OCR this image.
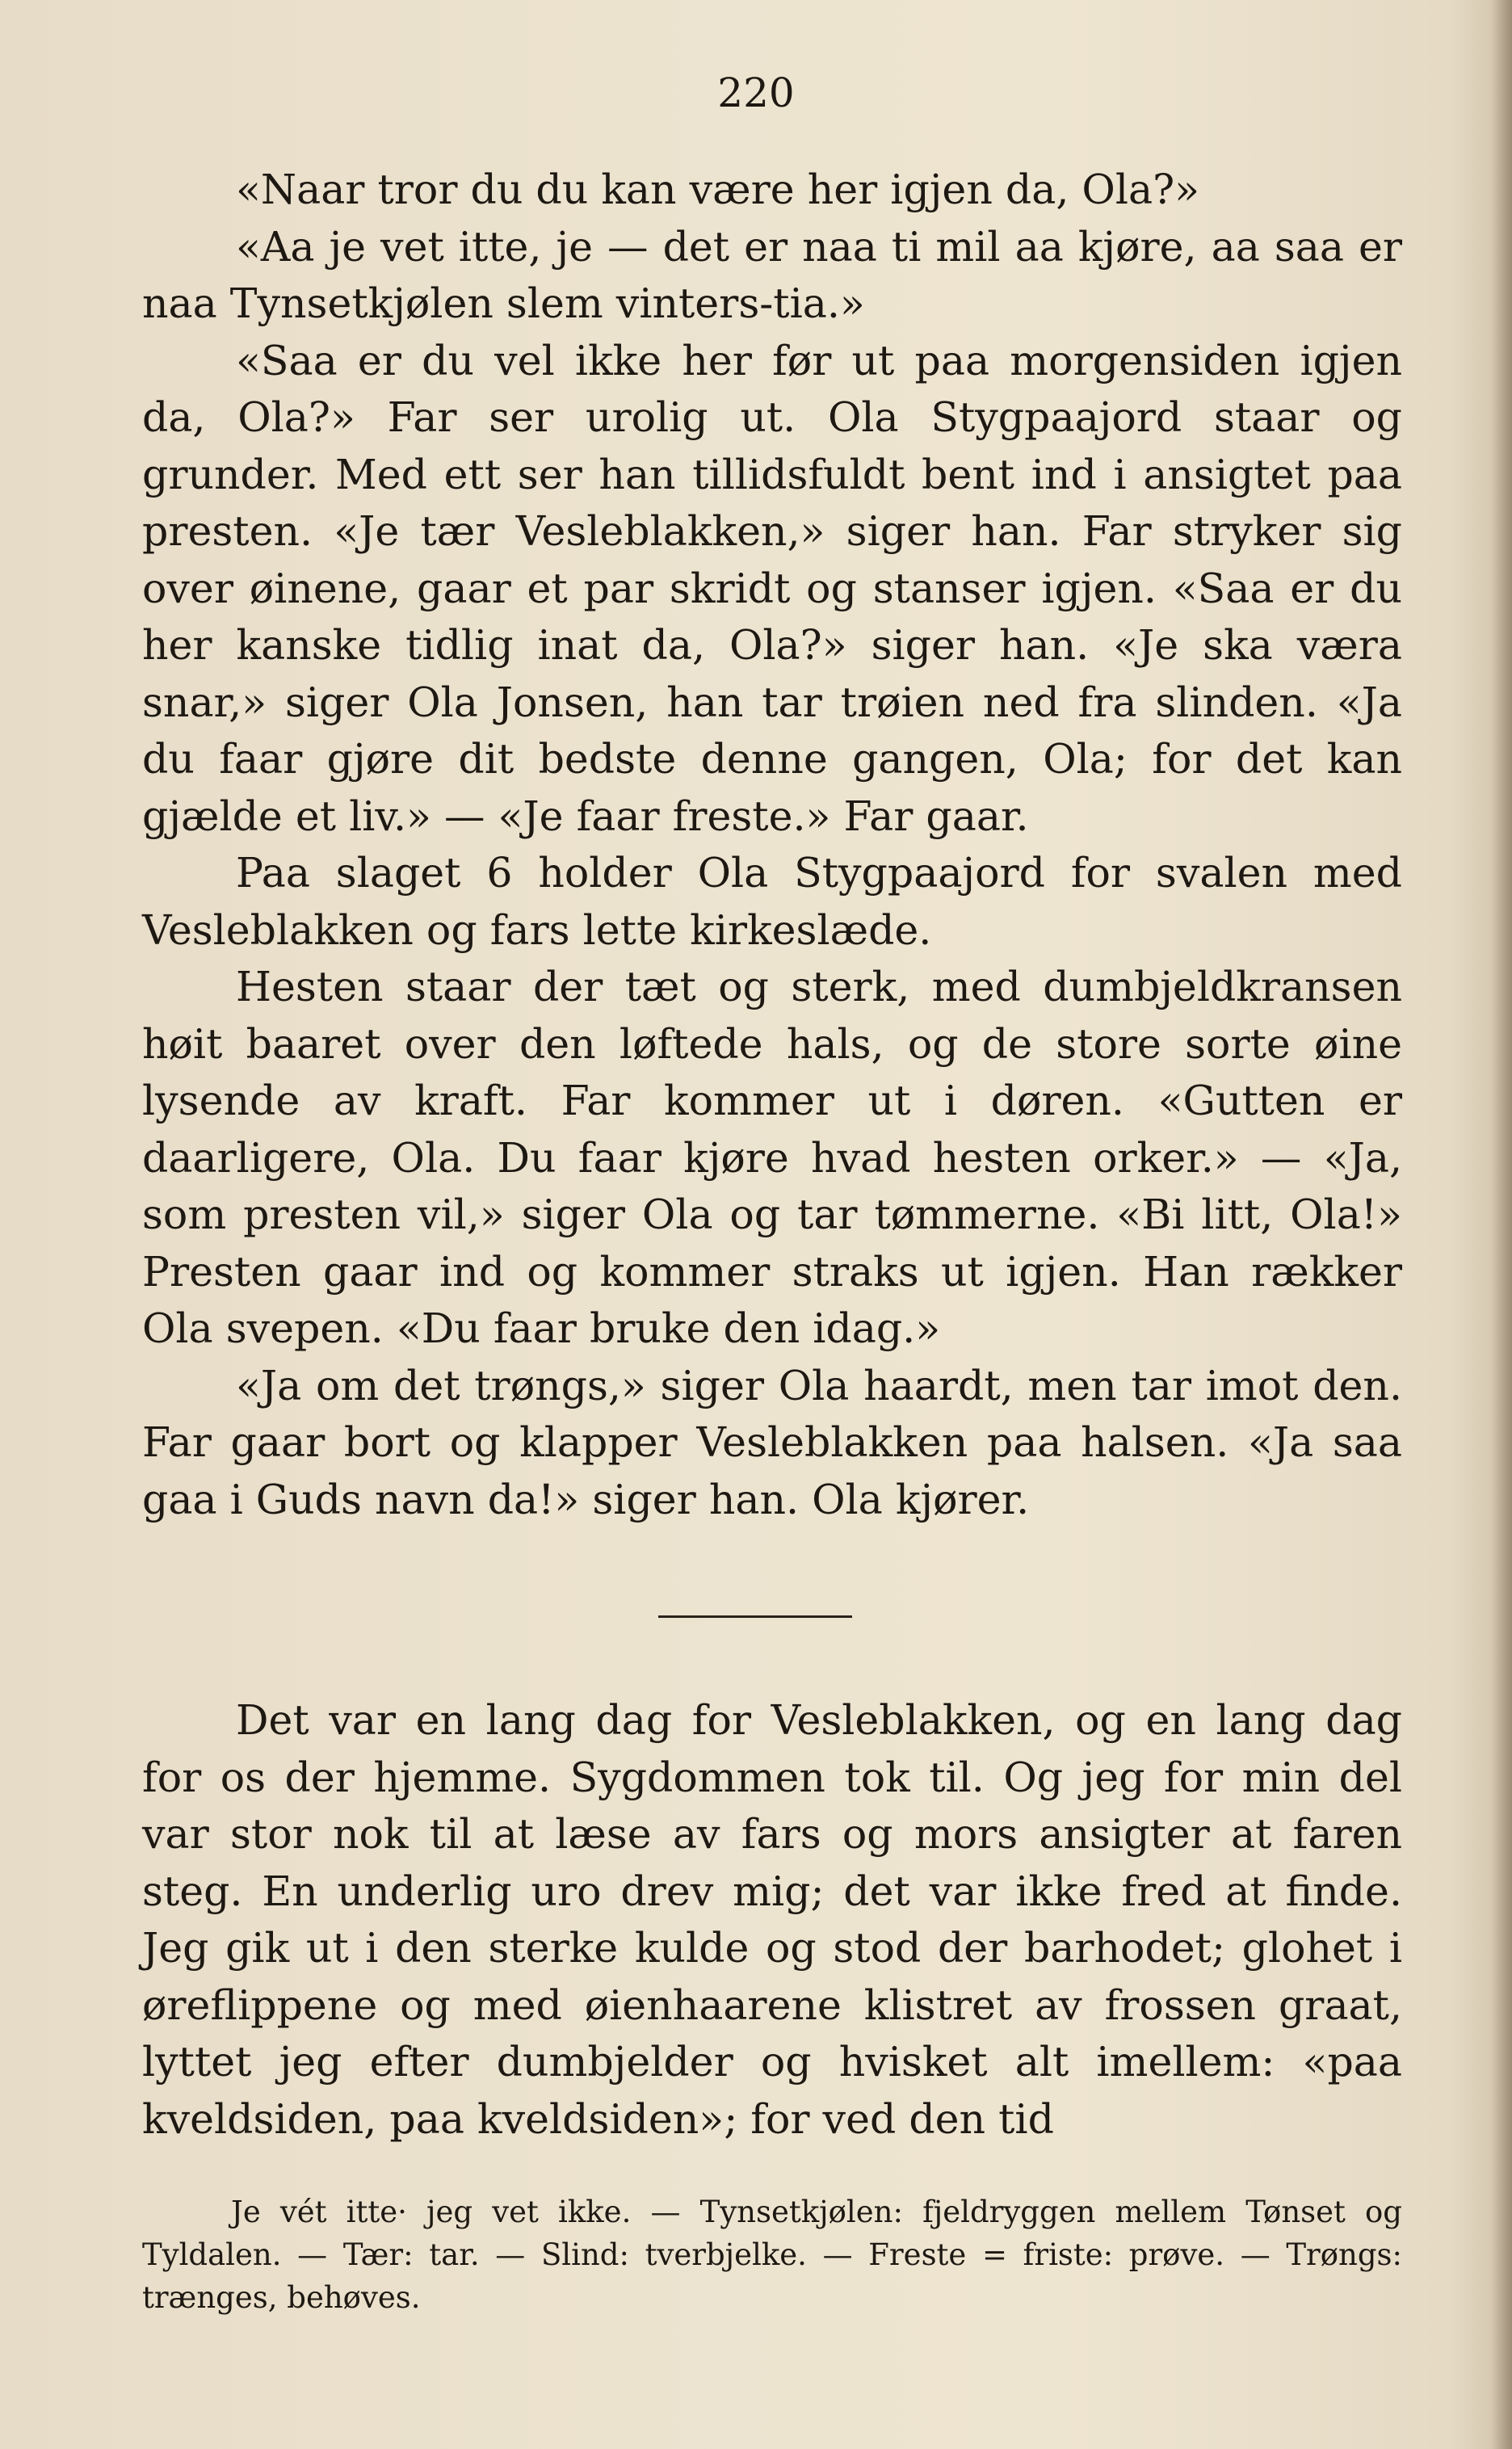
220

«Naar tror du du kan være her igjen da, Ola?»

«Aa je vet itte, je — det er naa ti mil aa kjøre, aa saa er naa Tynsetkjølen slem vinters-tia.»

«Saa er du vel ikke her før ut paa morgensiden igjen da, Ola?» Far ser urolig ut. Ola Stygpaajord staar og grunder. Med ett ser han tillidsfuldt bent ind i ansigtet paa presten. «Je tær Vesleblakken,» siger han. Far stryker sig over øinene, gaar et par skridt og stanser igjen. «Saa er du her kanske tidlig inat da, Ola?» siger han. «Je ska væra snar,» siger Ola Jonsen, han tar trøien ned fra slinden. «Ja du faar gjøre dit bedste denne gangen, Ola; for det kan gjælde et liv.» — «Je faar freste.» Far gaar.

Paa slaget 6 holder Ola Stygpaajord for svalen med Vesleblakken og fars lette kirkeslæde.

Hesten staar der tæt og sterk, med dumbjeldkransen høit baaret over den løftede hals, og de store sorte øine lysende av kraft. Far kommer ut i døren. «Gutten er daarligere, Ola. Du faar kjøre hvad hesten orker.» — «Ja, som presten vil,» siger Ola og tar tømmerne. «Bi litt, Ola!» Presten gaar ind og kommer straks ut igjen. Han rækker Ola svepen. «Du faar bruke den idag.»

«Ja om det trøngs,» siger Ola haardt, men tar imot den. Far gaar bort og klapper Vesleblakken paa halsen. «Ja saa gaa i Guds navn da!» siger han. Ola kjører.

Det var en lang dag for Vesleblakken, og en lang dag for os der hjemme. Sygdommen tok til. Og jeg for min del var stor nok til at læse av fars og mors ansigter at faren steg. En underlig uro drev mig; det var ikke fred at finde. Jeg gik ut i den sterke kulde og stod der barhodet; glohet i øreflippene og med øienhaarene klistret av frossen graat, lyttet jeg efter dumbjelder og hvisket alt imellem: «paa kveldsiden, paa kveldsiden»; for ved den tid

Je vét itte· jeg vet ikke. — Tynsetkjølen: fjeldryggen mellem Tønset og Tyldalen. — Tær: tar. — Slind: tverbjelke. — Freste = friste: prøve. — Trøngs: trænges, behøves.
